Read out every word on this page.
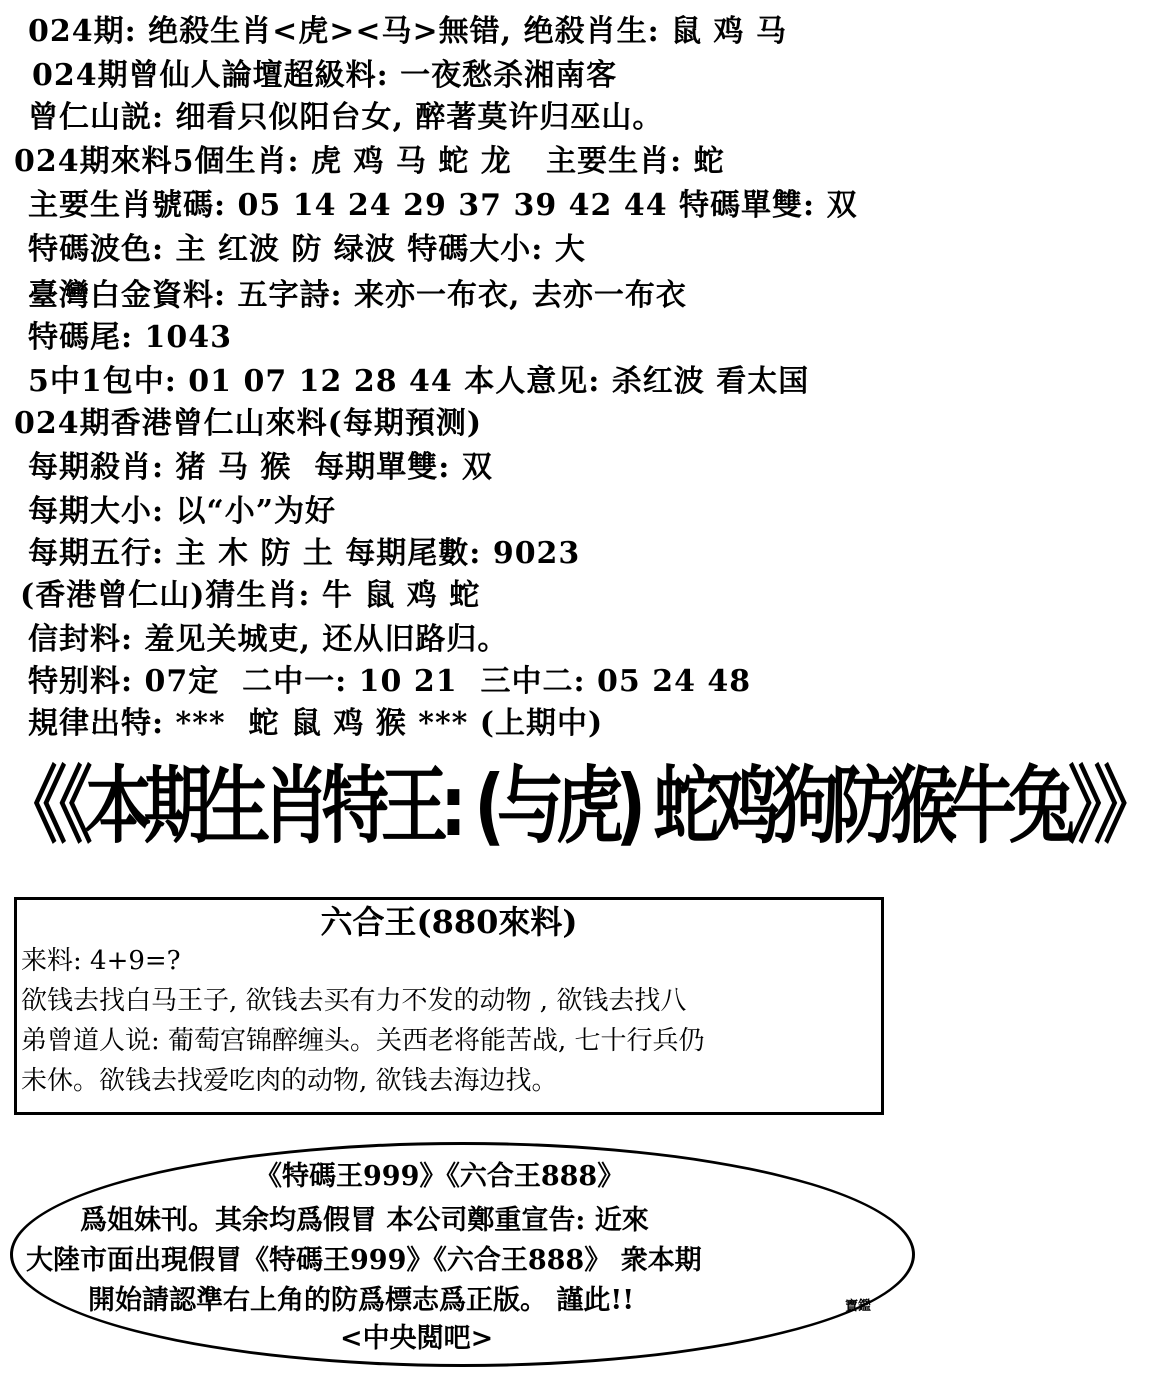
024期: 绝殺生肖<虎><马>無错, 绝殺肖生: 鼠 鸡 马
024期曾仙人論壇超級料: 一夜愁杀湘南客
曾仁山説: 细看只似阳台女, 醉著莫许归巫山。
024期來料5個生肖: 虎 鸡 马 蛇 龙   主要生肖: 蛇
主要生肖號碼: 05 14 24 29 37 39 42 44 特碼單雙: 双
特碼波色: 主 红波 防 绿波 特碼大小: 大
臺灣白金資料: 五字詩: 来亦一布衣, 去亦一布衣
特碼尾: 1043
5中1包中: 01 07 12 28 44 本人意见: 杀红波 看太国
024期香港曾仁山來料(每期預测)
每期殺肖: 猪 马 猴  每期單雙: 双
每期大小: 以“小”为好
每期五行: 主 木 防 土 每期尾數: 9023
(香港曾仁山)猜生肖: 牛 鼠 鸡 蛇
信封料: 羞见关城吏, 还从旧路归。
特别料: 07定  二中一: 10 21  三中二: 05 24 48
規律出特: ***  蛇 鼠 鸡 猴 *** (上期中)
《《本期生肖特王: (与虎) 蛇鸡狗防猴牛兔》》
六合王(880來料)
来料: 4+9=?
欲钱去找白马王子, 欲钱去买有力不发的动物 , 欲钱去找八
弟曾道人说: 葡萄宫锦醉缠头。关西老将能苦战, 七十行兵仍
未休。欲钱去找爱吃肉的动物, 欲钱去海边找。
《特碼王999》《六合王888》
爲姐妹刊。其余均爲假冒 本公司鄭重宣告: 近來
大陸市面出現假冒《特碼王999》《六合王888》 衆本期
開始請認準右上角的防爲標志爲正版。 謹此!!
<中央閲吧>
寶鑑
